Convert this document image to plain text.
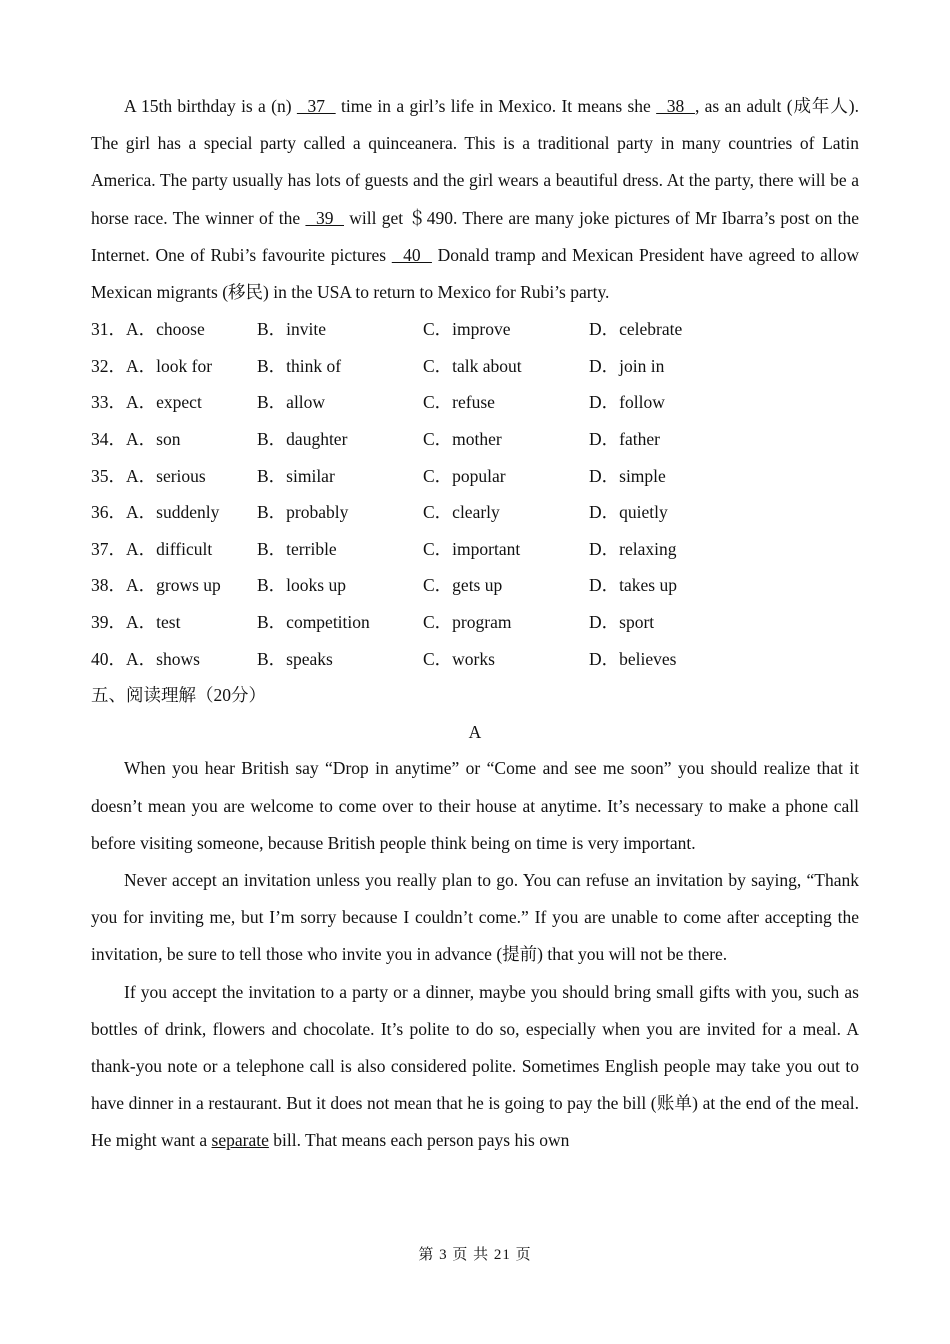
A 15th birthday is a (n)   37   time in a girl’s life in Mexico. It means she   38  , as an adult (成年人). The girl has a special party called a quinceanera. This is a traditional party in many countries of Latin America. The party usually has lots of guests and the girl wears a beautiful dress. At the party, there will be a horse race. The winner of the   39   will get ＄490. There are many joke pictures of Mr Ibarra’s post on the Internet. One of Rubi’s favourite pictures   40   Donald tramp and Mexican President have agreed to allow Mexican migrants (移民) in the USA to return to Mexico for Rubi’s party.

31．A．choose	B．invite	C．improve	D．celebrate
32．A．look for	B．think of	C．talk about	D．join in
33．A．expect	B．allow	C．refuse	D．follow
34．A．son	B．daughter	C．mother	D．father
35．A．serious	B．similar	C．popular	D．simple
36．A．suddenly	B．probably	C．clearly	D．quietly
37．A．difficult	B．terrible	C．important	D．relaxing
38．A．grows up	B．looks up	C．gets up	D．takes up
39．A．test	B．competition	C．program	D．sport
40．A．shows	B．speaks	C．works	D．believes
五、阅读理解（20分）
A

When you hear British say “Drop in anytime” or “Come and see me soon” you should realize that it doesn’t mean you are welcome to come over to their house at anytime. It’s necessary to make a phone call before visiting someone, because British people think being on time is very important.

Never accept an invitation unless you really plan to go. You can refuse an invitation by saying, “Thank you for inviting me, but I’m sorry because I couldn’t come.” If you are unable to come after accepting the invitation, be sure to tell those who invite you in advance (提前) that you will not be there.

If you accept the invitation to a party or a dinner, maybe you should bring small gifts with you, such as bottles of drink, flowers and chocolate. It’s polite to do so, especially when you are invited for a meal. A thank-you note or a telephone call is also considered polite. Sometimes English people may take you out to have dinner in a restaurant. But it does not mean that he is going to pay the bill (账单) at the end of the meal. He might want a separate bill. That means each person pays his own

第 3 页 共 21 页
